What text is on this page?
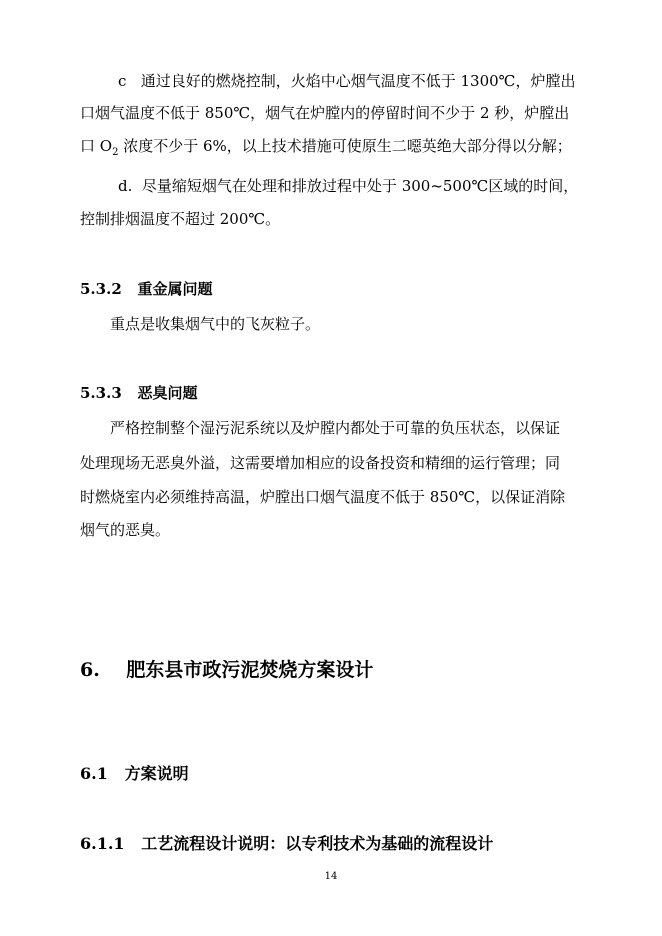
c 通过良好的燃烧控制，火焰中心烟气温度不低于 1300℃，炉膛出
口烟气温度不低于 850℃，烟气在炉膛内的停留时间不少于 2 秒，炉膛出
口 $O_2$ 浓度不少于 6%，以上技术措施可使原生二噁英绝大部分得以分解；
d. 尽量缩短烟气在处理和排放过程中处于 300~500℃区域的时间，
控制排烟温度不超过 200℃。
5.3.2 重金属问题
重点是收集烟气中的飞灰粒子。
5.3.3 恶臭问题
严格控制整个湿污泥系统以及炉膛内都处于可靠的负压状态，以保证
处理现场无恶臭外溢，这需要增加相应的设备投资和精细的运行管理；同
时燃烧室内必须维持高温，炉膛出口烟气温度不低于 850℃，以保证消除
烟气的恶臭。
6. 肥东县市政污泥焚烧方案设计
6.1 方案说明
6.1.1 工艺流程设计说明：以专利技术为基础的流程设计
14
